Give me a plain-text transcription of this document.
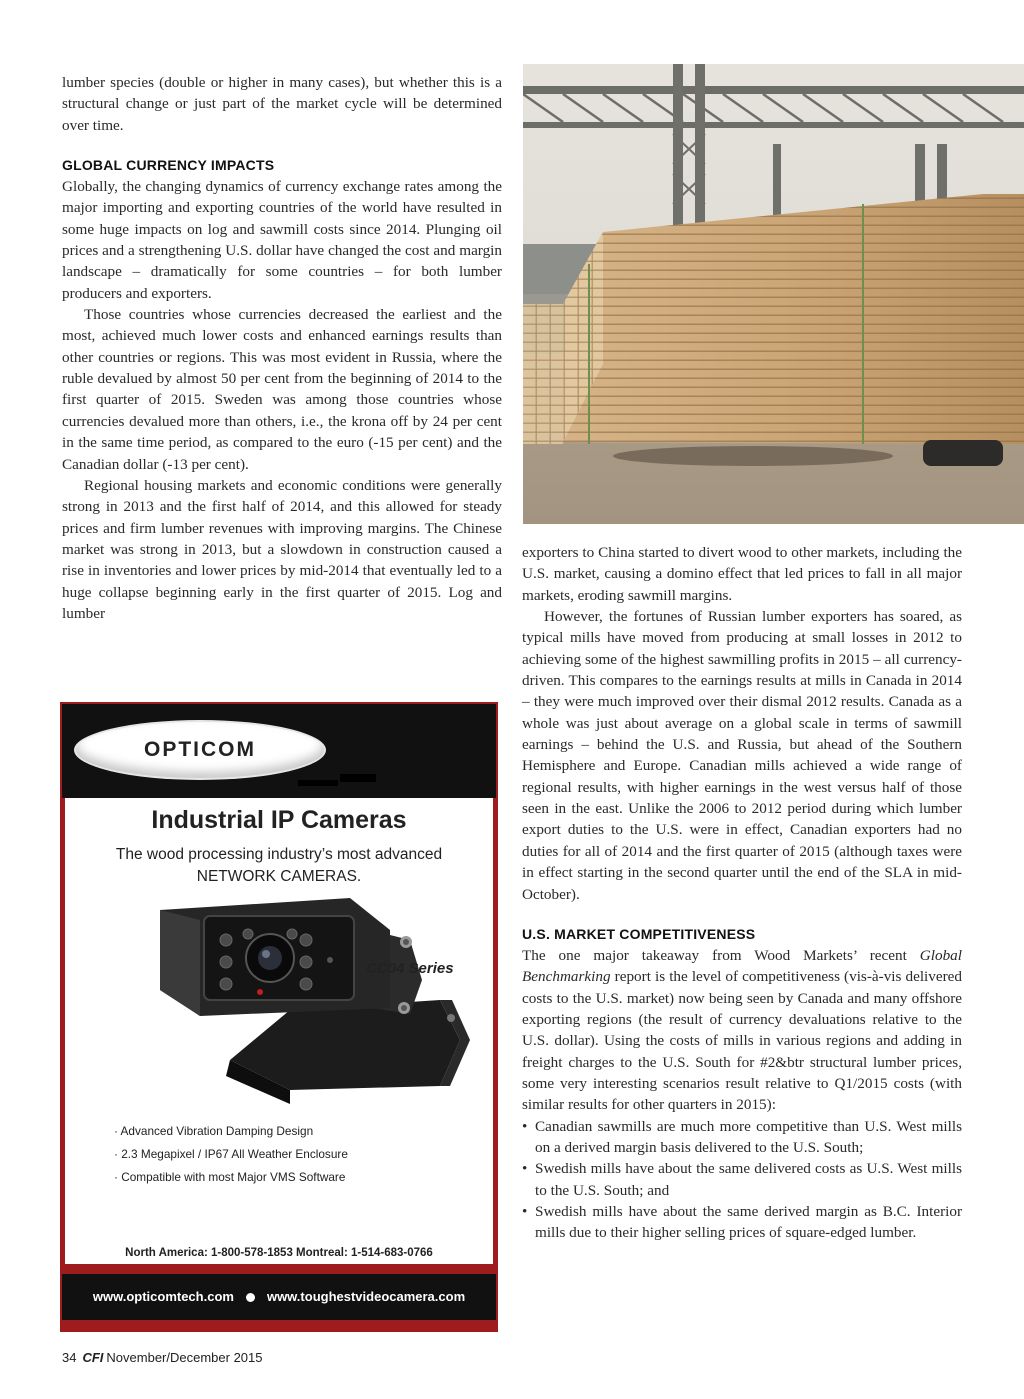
lumber species (double or higher in many cases), but whether this is a structural change or just part of the market cycle will be determined over time.

GLOBAL CURRENCY IMPACTS

Globally, the changing dynamics of currency exchange rates among the major importing and exporting countries of the world have resulted in some huge impacts on log and sawmill costs since 2014. Plunging oil prices and a strengthening U.S. dollar have changed the cost and margin landscape – dramatically for some countries – for both lumber producers and exporters.

Those countries whose currencies decreased the earliest and the most, achieved much lower costs and enhanced earnings results than other countries or regions. This was most evident in Russia, where the ruble devalued by almost 50 per cent from the beginning of 2014 to the first quarter of 2015. Sweden was among those countries whose currencies devalued more than others, i.e., the krona off by 24 per cent in the same time period, as compared to the euro (-15 per cent) and the Canadian dollar (-13 per cent).

Regional housing markets and economic conditions were generally strong in 2013 and the first half of 2014, and this allowed for steady prices and firm lumber revenues with improving margins. The Chinese market was strong in 2013, but a slowdown in construction caused a rise in inventories and lower prices by mid-2014 that eventually led to a huge collapse beginning early in the first quarter of 2015. Log and lumber

exporters to China started to divert wood to other markets, including the U.S. market, causing a domino effect that led prices to fall in all major markets, eroding sawmill margins.

However, the fortunes of Russian lumber exporters has soared, as typical mills have moved from producing at small losses in 2012 to achieving some of the highest sawmilling profits in 2015 – all currency-driven. This compares to the earnings results at mills in Canada in 2014 – they were much improved over their dismal 2012 results. Canada as a whole was just about average on a global scale in terms of sawmill earnings – behind the U.S. and Russia, but ahead of the Southern Hemisphere and Europe. Canadian mills achieved a wide range of regional results, with higher earnings in the west versus half of those seen in the east. Unlike the 2006 to 2012 period during which lumber export duties to the U.S. were in effect, Canadian exporters had no duties for all of 2014 and the first quarter of 2015 (although taxes were in effect starting in the second quarter until the end of the SLA in mid-October).

U.S. MARKET COMPETITIVENESS

The one major takeaway from Wood Markets’ recent Global Benchmarking report is the level of competitiveness (vis-à-vis delivered costs to the U.S. market) now being seen by Canada and many offshore exporting regions (the result of currency devaluations relative to the U.S. dollar). Using the costs of mills in various regions and adding in freight charges to the U.S. South for #2&btr structural lumber prices, some very interesting scenarios result relative to Q1/2015 costs (with similar results for other quarters in 2015):

• Canadian sawmills are much more competitive than U.S. West mills on a derived margin basis delivered to the U.S. South;
• Swedish mills have about the same delivered costs as U.S. West mills to the U.S. South; and
• Swedish mills have about the same derived margin as B.C. Interior mills due to their higher selling prices of square-edged lumber.
OPTICOM
Industrial IP Cameras
The wood processing industry’s most advanced
NETWORK CAMERAS.
CC04 Series
· Advanced Vibration Damping Design
· 2.3 Megapixel / IP67 All Weather Enclosure
· Compatible with most Major VMS Software
North America: 1-800-578-1853 Montreal: 1-514-683-0766
www.opticomtech.com	www.toughestvideocamera.com
34 CFI November/December 2015
